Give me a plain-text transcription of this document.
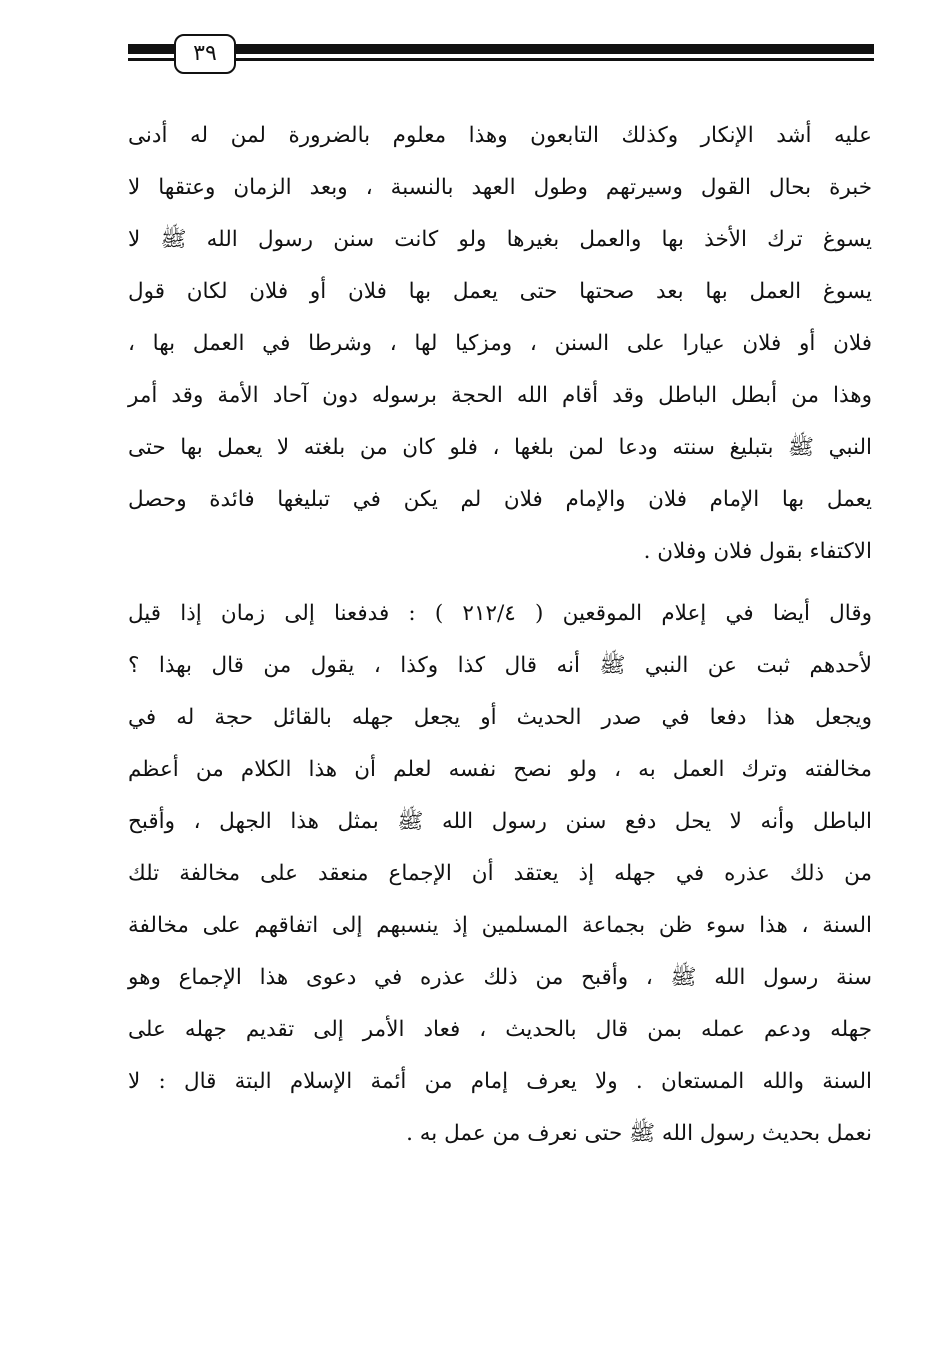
٣٩

عليه أشد الإنكار وكذلك التابعون وهذا معلوم بالضرورة لمن له أدنى
خبرة بحال القول وسيرتهم وطول العهد بالنسبة ، وبعد الزمان وعتقها لا
يسوغ ترك الأخذ بها والعمل بغيرها ولو كانت سنن رسول الله ﷺ لا
يسوغ العمل بها بعد صحتها حتى يعمل بها فلان أو فلان لكان قول
فلان أو فلان عيارا على السنن ، ومزكيا لها ، وشرطا في العمل بها ،
وهذا من أبطل الباطل وقد أقام الله الحجة برسوله دون آحاد الأمة وقد أمر
النبي ﷺ بتبليغ سنته ودعا لمن بلغها ، فلو كان من بلغته لا يعمل بها حتى
يعمل بها الإمام فلان والإمام فلان لم يكن في تبليغها فائدة وحصل
الاكتفاء بقول فلان وفلان .

وقال أيضا في إعلام الموقعين ( ٢١٢/٤ ) : فدفعنا إلى زمان إذا قيل
لأحدهم ثبت عن النبي ﷺ أنه قال كذا وكذا ، يقول من قال بهذا ؟
ويجعل هذا دفعا في صدر الحديث أو يجعل جهله بالقائل حجة له في
مخالفته وترك العمل به ، ولو نصح نفسه لعلم أن هذا الكلام من أعظم
الباطل وأنه لا يحل دفع سنن رسول الله ﷺ بمثل هذا الجهل ، وأقبح
من ذلك عذره في جهله إذ يعتقد أن الإجماع منعقد على مخالفة تلك
السنة ، هذا سوء ظن بجماعة المسلمين إذ ينسبهم إلى اتفاقهم على مخالفة
سنة رسول الله ﷺ ، وأقبح من ذلك عذره في دعوى هذا الإجماع وهو
جهله ودعم عمله بمن قال بالحديث ، فعاد الأمر إلى تقديم جهله على
السنة والله المستعان . ولا يعرف إمام من أئمة الإسلام البتة قال : لا
نعمل بحديث رسول الله ﷺ حتى نعرف من عمل به .
